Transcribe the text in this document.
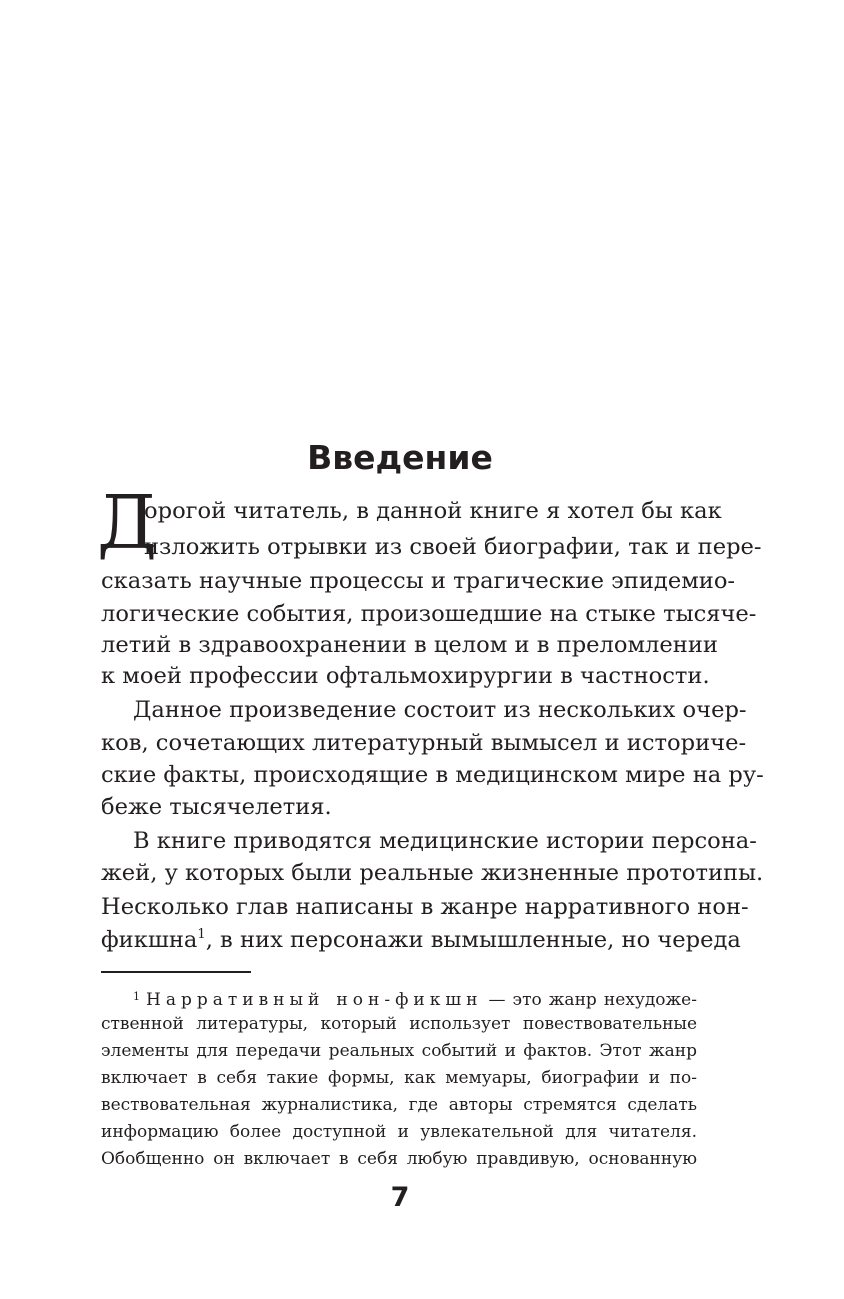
Введение
Д

орогой читатель, в данной книге я хотел бы как

изложить отрывки из своей биографии, так и пере-

сказать научные процессы и трагические эпидемио-

логические события, произошедшие на стыке тысяче-

летий в здравоохранении в целом и в преломлении

к моей профессии офтальмохирургии в частности.

Данное произведение состоит из нескольких очер-

ков, сочетающих литературный вымысел и историче-

ские факты, происходящие в медицинском мире на ру-

беже тысячелетия.

В книге приводятся медицинские истории персона-

жей, у которых были реальные жизненные прототипы.

Несколько глав написаны в жанре нарративного нон-

фикшна$^1$, в них персонажи вымышленные, но череда

$^1$ Нарративный нон-фикшн — это жанр нехудоже-

ственной литературы, который использует повествовательные

элементы для передачи реальных событий и фактов. Этот жанр

включает в себя такие формы, как мемуары, биографии и по-

вествовательная журналистика, где авторы стремятся сделать

информацию более доступной и увлекательной для читателя.

Обобщенно он включает в себя любую правдивую, основанную

7
